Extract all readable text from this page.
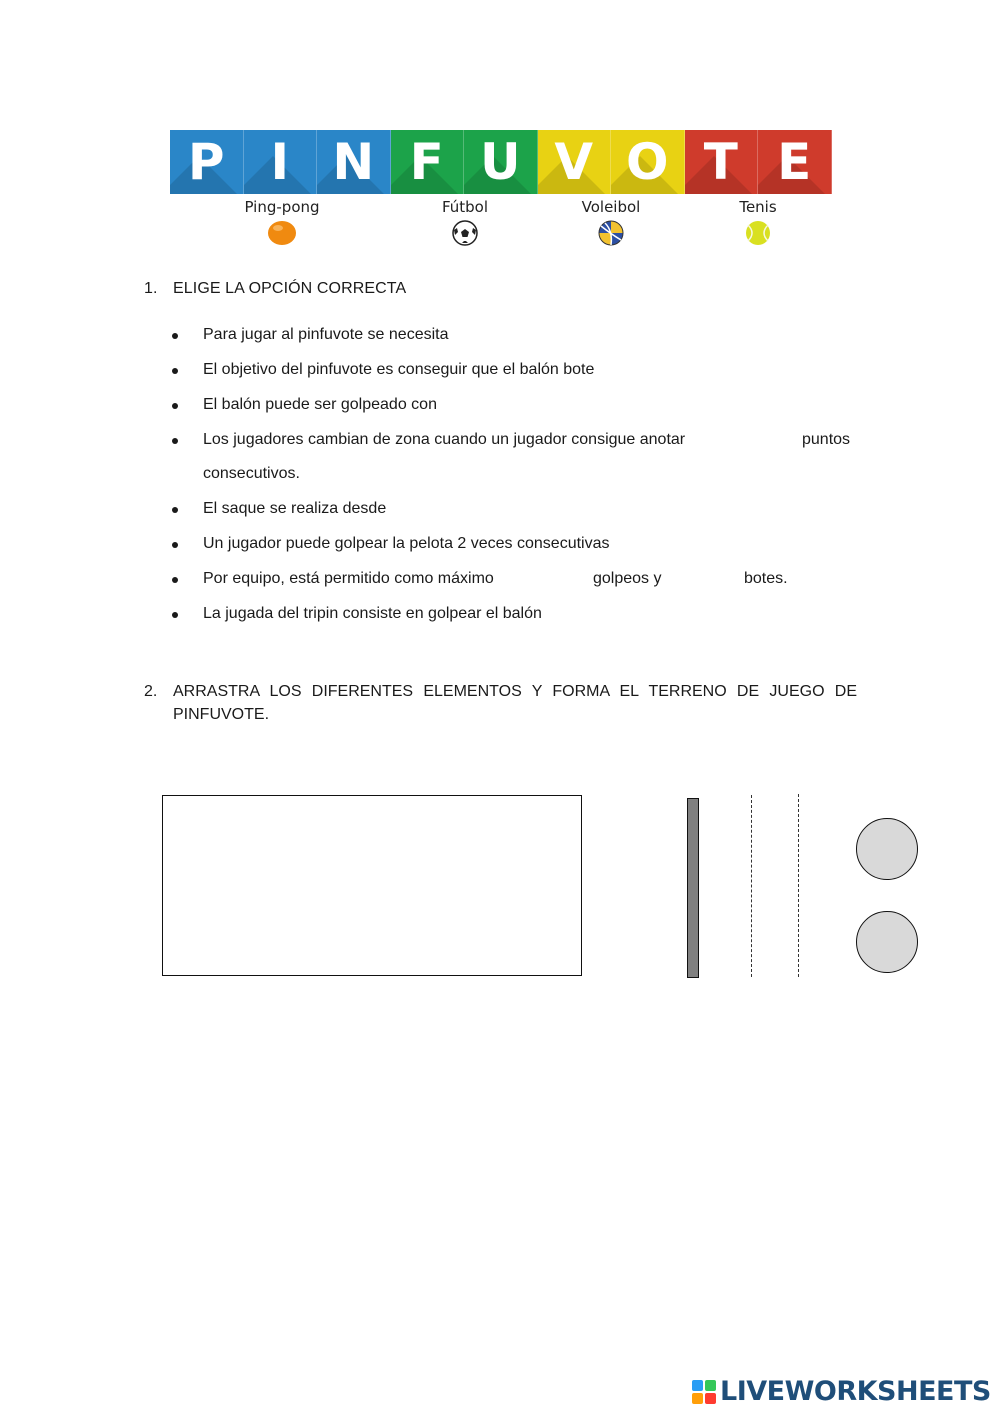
P I N F U V O T E
Ping-pong	Fútbol	Voleibol	Tenis
1. ELIGE LA OPCIÓN CORRECTA
Para jugar al pinfuvote se necesita
El objetivo del pinfuvote es conseguir que el balón bote
El balón puede ser golpeado con
Los jugadores cambian de zona cuando un jugador consigue anotar	puntos
consecutivos.
El saque se realiza desde
Un jugador puede golpear la pelota 2 veces consecutivas
Por equipo, está permitido como máximo	golpeos y	botes.
La jugada del tripin consiste en golpear el balón
2. ARRASTRA LOS DIFERENTES ELEMENTOS Y FORMA EL TERRENO DE JUEGO DE
PINFUVOTE.
LIVEWORKSHEETS
